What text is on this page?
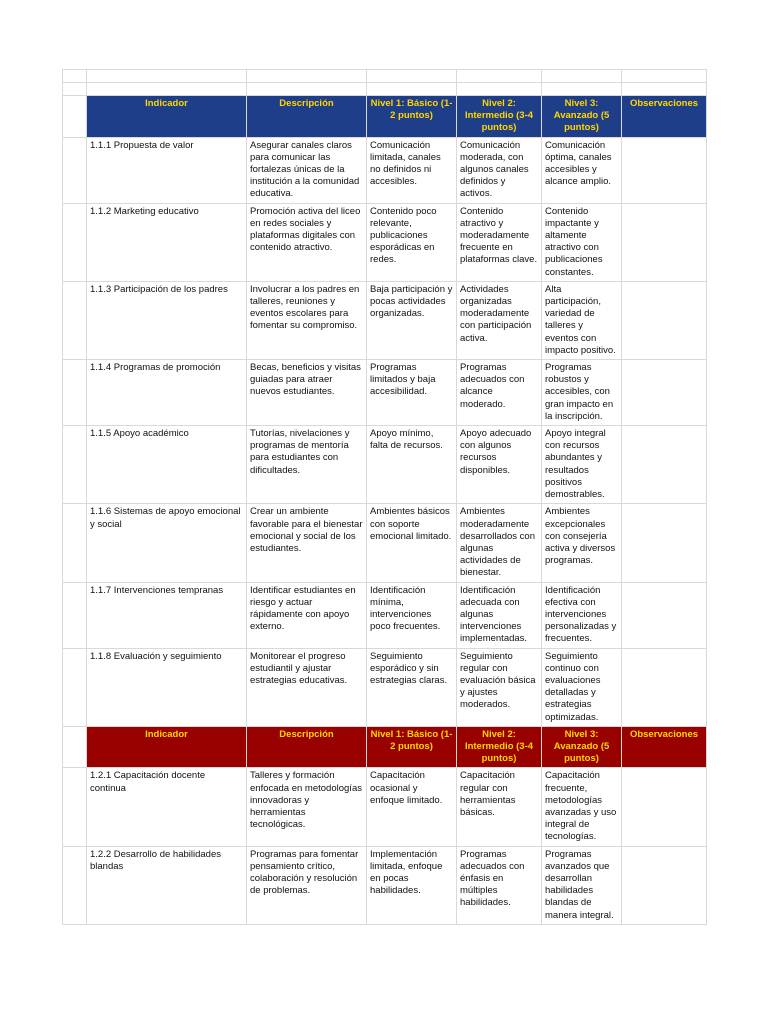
	Indicador	Descripción	Nivel 1: Básico (1-2 puntos)	Nivel 2: Intermedio (3-4 puntos)	Nivel 3: Avanzado (5 puntos)	Observaciones
	1.1.1 Propuesta de valor	Asegurar canales claros para comunicar las fortalezas únicas de la institución a la comunidad educativa.	Comunicación limitada, canales no definidos ni accesibles.	Comunicación moderada, con algunos canales definidos y activos.	Comunicación óptima, canales accesibles y alcance amplio.	
	1.1.2 Marketing educativo	Promoción activa del liceo en redes sociales y plataformas digitales con contenido atractivo.	Contenido poco relevante, publicaciones esporádicas en redes.	Contenido atractivo y moderadamente frecuente en plataformas clave.	Contenido impactante y altamente atractivo con publicaciones constantes.	
	1.1.3 Participación de los padres	Involucrar a los padres en talleres, reuniones y eventos escolares para fomentar su compromiso.	Baja participación y pocas actividades organizadas.	Actividades organizadas moderadamente con participación activa.	Alta participación, variedad de talleres y eventos con impacto positivo.	
	1.1.4 Programas de promoción	Becas, beneficios y visitas guiadas para atraer nuevos estudiantes.	Programas limitados y baja accesibilidad.	Programas adecuados con alcance moderado.	Programas robustos y accesibles, con gran impacto en la inscripción.	
	1.1.5 Apoyo académico	Tutorías, nivelaciones y programas de mentoría para estudiantes con dificultades.	Apoyo mínimo, falta de recursos.	Apoyo adecuado con algunos recursos disponibles.	Apoyo integral con recursos abundantes y resultados positivos demostrables.	
	1.1.6 Sistemas de apoyo emocional y social	Crear un ambiente favorable para el bienestar emocional y social de los estudiantes.	Ambientes básicos con soporte emocional limitado.	Ambientes moderadamente desarrollados con algunas actividades de bienestar.	Ambientes excepcionales con consejería activa y diversos programas.	
	1.1.7 Intervenciones tempranas	Identificar estudiantes en riesgo y actuar rápidamente con apoyo externo.	Identificación mínima, intervenciones poco frecuentes.	Identificación adecuada con algunas intervenciones implementadas.	Identificación efectiva con intervenciones personalizadas y frecuentes.	
	1.1.8 Evaluación y seguimiento	Monitorear el progreso estudiantil y ajustar estrategias educativas.	Seguimiento esporádico y sin estrategias claras.	Seguimiento regular con evaluación básica y ajustes moderados.	Seguimiento continuo con evaluaciones detalladas y estrategias optimizadas.	
	Indicador	Descripción	Nivel 1: Básico (1-2 puntos)	Nivel 2: Intermedio (3-4 puntos)	Nivel 3: Avanzado (5 puntos)	Observaciones
	1.2.1 Capacitación docente continua	Talleres y formación enfocada en metodologías innovadoras y herramientas tecnológicas.	Capacitación ocasional y enfoque limitado.	Capacitación regular con herramientas básicas.	Capacitación frecuente, metodologías avanzadas y uso integral de tecnologías.	
	1.2.2 Desarrollo de habilidades blandas	Programas para fomentar pensamiento crítico, colaboración y resolución de problemas.	Implementación limitada, enfoque en pocas habilidades.	Programas adecuados con énfasis en múltiples habilidades.	Programas avanzados que desarrollan habilidades blandas de manera integral.	
